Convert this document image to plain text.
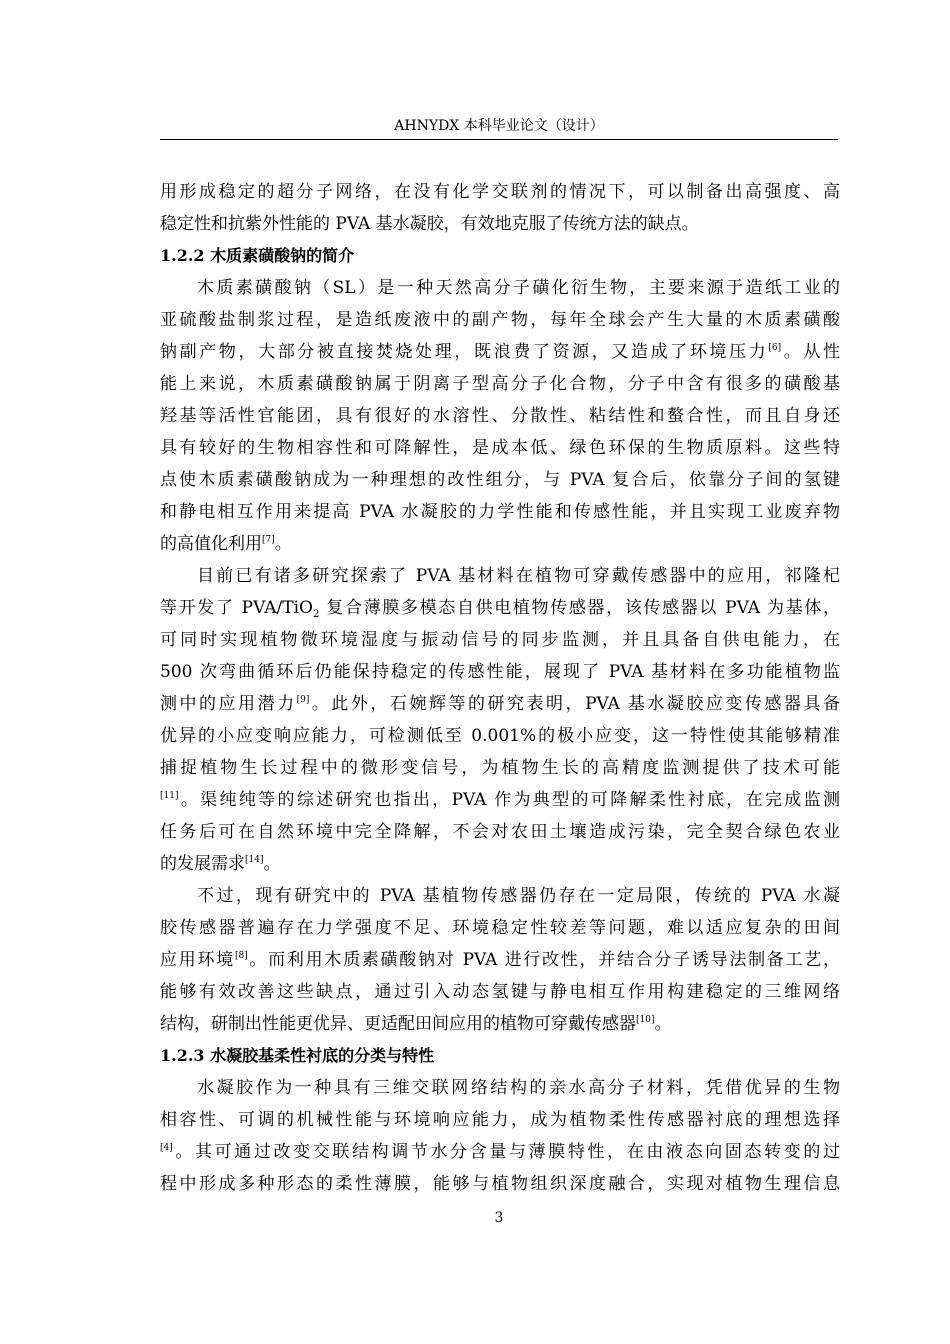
AHNYDX 本科毕业论文（设计）
用形成稳定的超分子网络，在没有化学交联剂的情况下，可以制备出高强度、高
稳定性和抗紫外性能的 PVA 基水凝胶，有效地克服了传统方法的缺点。
1.2.2 木质素磺酸钠的简介
木质素磺酸钠（SL）是一种天然高分子磺化衍生物，主要来源于造纸工业的
亚硫酸盐制浆过程，是造纸废液中的副产物，每年全球会产生大量的木质素磺酸
钠副产物，大部分被直接焚烧处理，既浪费了资源，又造成了环境压力[6]。从性
能上来说，木质素磺酸钠属于阴离子型高分子化合物，分子中含有很多的磺酸基
羟基等活性官能团，具有很好的水溶性、分散性、粘结性和螯合性，而且自身还
具有较好的生物相容性和可降解性，是成本低、绿色环保的生物质原料。这些特
点使木质素磺酸钠成为一种理想的改性组分，与 PVA 复合后，依靠分子间的氢键
和静电相互作用来提高 PVA 水凝胶的力学性能和传感性能，并且实现工业废弃物
的高值化利用[7]。
目前已有诸多研究探索了 PVA 基材料在植物可穿戴传感器中的应用，祁隆杞
等开发了 PVA/TiO$_2$ 复合薄膜多模态自供电植物传感器，该传感器以 PVA 为基体，
可同时实现植物微环境湿度与振动信号的同步监测，并且具备自供电能力，在
500 次弯曲循环后仍能保持稳定的传感性能，展现了 PVA 基材料在多功能植物监
测中的应用潜力[9]。此外，石婉辉等的研究表明，PVA 基水凝胶应变传感器具备
优异的小应变响应能力，可检测低至 0.001%的极小应变，这一特性使其能够精准
捕捉植物生长过程中的微形变信号，为植物生长的高精度监测提供了技术可能
[11]。渠纯纯等的综述研究也指出，PVA 作为典型的可降解柔性衬底，在完成监测
任务后可在自然环境中完全降解，不会对农田土壤造成污染，完全契合绿色农业
的发展需求[14]。
不过，现有研究中的 PVA 基植物传感器仍存在一定局限，传统的 PVA 水凝
胶传感器普遍存在力学强度不足、环境稳定性较差等问题，难以适应复杂的田间
应用环境[8]。而利用木质素磺酸钠对 PVA 进行改性，并结合分子诱导法制备工艺，
能够有效改善这些缺点，通过引入动态氢键与静电相互作用构建稳定的三维网络
结构，研制出性能更优异、更适配田间应用的植物可穿戴传感器[10]。
1.2.3 水凝胶基柔性衬底的分类与特性
水凝胶作为一种具有三维交联网络结构的亲水高分子材料，凭借优异的生物
相容性、可调的机械性能与环境响应能力，成为植物柔性传感器衬底的理想选择
[4]。其可通过改变交联结构调节水分含量与薄膜特性，在由液态向固态转变的过
程中形成多种形态的柔性薄膜，能够与植物组织深度融合，实现对植物生理信息
3
